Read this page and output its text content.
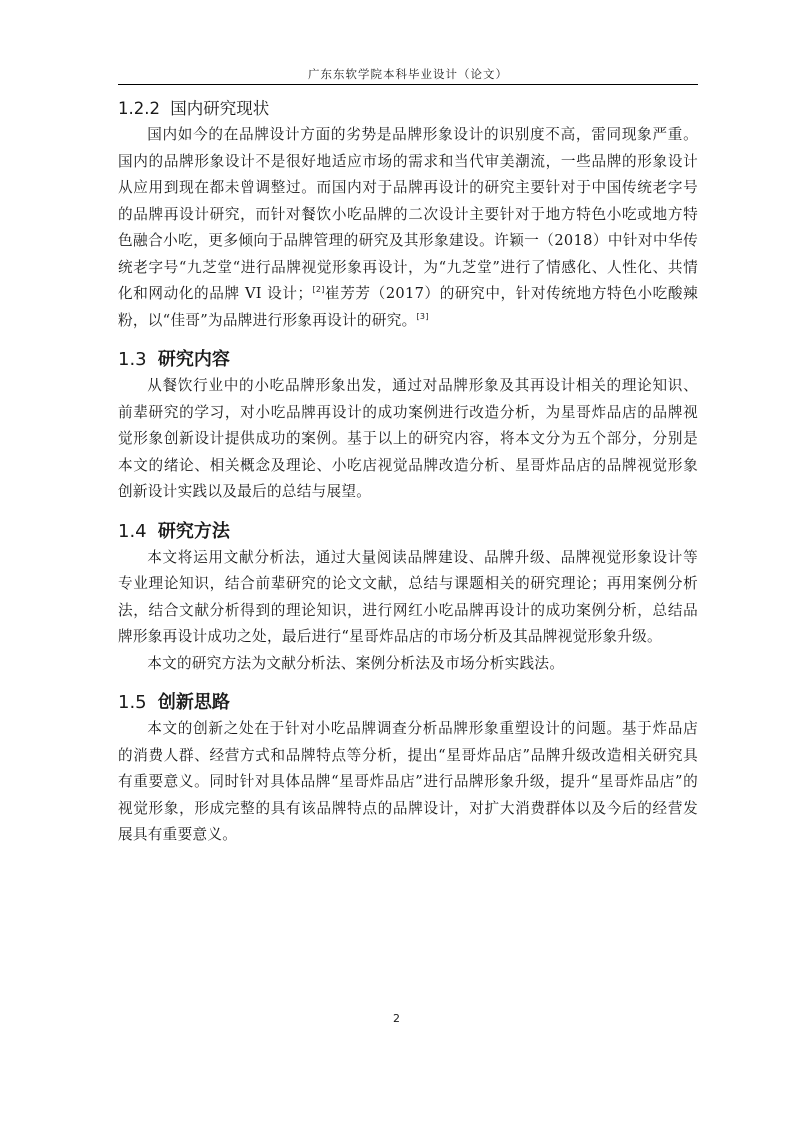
广东东软学院本科毕业设计（论文）
1.2.2 国内研究现状

国内如今的在品牌设计方面的劣势是品牌形象设计的识别度不高，雷同现象严重。国内的品牌形象设计不是很好地适应市场的需求和当代审美潮流，一些品牌的形象设计从应用到现在都未曾调整过。而国内对于品牌再设计的研究主要针对于中国传统老字号的品牌再设计研究，而针对餐饮小吃品牌的二次设计主要针对于地方特色小吃或地方特色融合小吃，更多倾向于品牌管理的研究及其形象建设。许颖一（2018）中针对中华传统老字号“九芝堂“进行品牌视觉形象再设计，为“九芝堂”进行了情感化、人性化、共情化和网动化的品牌 VI 设计；[2]崔芳芳（2017）的研究中，针对传统地方特色小吃酸辣粉，以“佳哥”为品牌进行形象再设计的研究。[3]

1.3 研究内容

从餐饮行业中的小吃品牌形象出发，通过对品牌形象及其再设计相关的理论知识、前辈研究的学习，对小吃品牌再设计的成功案例进行改造分析，为星哥炸品店的品牌视觉形象创新设计提供成功的案例。基于以上的研究内容，将本文分为五个部分，分别是本文的绪论、相关概念及理论、小吃店视觉品牌改造分析、星哥炸品店的品牌视觉形象创新设计实践以及最后的总结与展望。

1.4 研究方法

本文将运用文献分析法，通过大量阅读品牌建设、品牌升级、品牌视觉形象设计等专业理论知识，结合前辈研究的论文文献，总结与课题相关的研究理论；再用案例分析法，结合文献分析得到的理论知识，进行网红小吃品牌再设计的成功案例分析，总结品牌形象再设计成功之处，最后进行“星哥炸品店的市场分析及其品牌视觉形象升级。

本文的研究方法为文献分析法、案例分析法及市场分析实践法。

1.5 创新思路

本文的创新之处在于针对小吃品牌调查分析品牌形象重塑设计的问题。基于炸品店的消费人群、经营方式和品牌特点等分析，提出“星哥炸品店”品牌升级改造相关研究具有重要意义。同时针对具体品牌“星哥炸品店”进行品牌形象升级，提升“星哥炸品店”的视觉形象，形成完整的具有该品牌特点的品牌设计，对扩大消费群体以及今后的经营发展具有重要意义。

2
